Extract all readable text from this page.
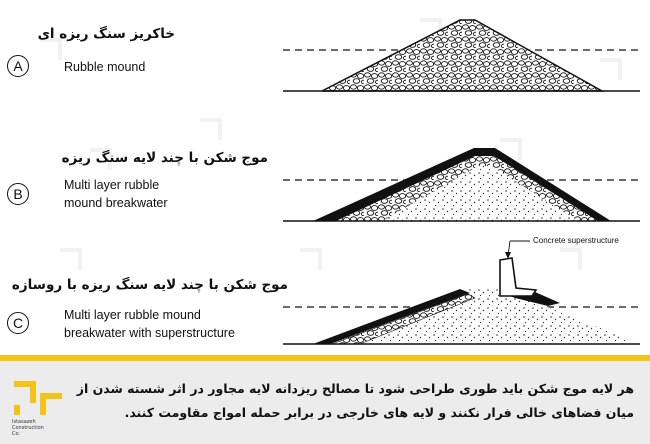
خاکریز سنگ ریزه ای
A	Rubble mound
موج شکن با چند لایه سنگ ریزه
B
Multi layer rubble
mound breakwater
موج شکن با چند لایه سنگ ریزه با روسازه
C	Multi layer rubble mound
breakwater with superstructure
Concrete superstructure
Istasazeh Construction Co.
هر لایه موج شکن باید طوری طراحی شود تا مصالح ریزدانه لایه مجاور در اثر شسته شدن از میان فضاهای خالی فرار نکنند و لایه های خارجی در برابر حمله امواج مقاومت کنند.
